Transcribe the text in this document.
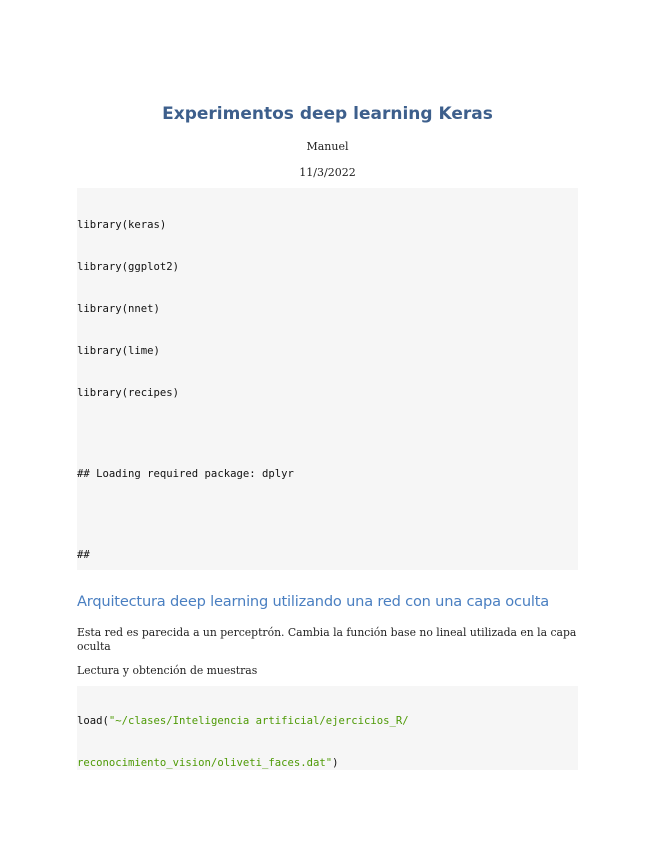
Experimentos deep learning Keras
Manuel
11/3/2022

library(keras)

library(ggplot2)

library(nnet)

library(lime)

library(recipes)

## Loading required package: dplyr

##

Arquitectura deep learning utilizando una red con una capa oculta
Esta red es parecida a un perceptrón. Cambia la función base no lineal utilizada en la capa oculta
Lectura y obtención de muestras

load("~/clases/Inteligencia artificial/ejercicios_R/

reconocimiento_vision/oliveti_faces.dat")
